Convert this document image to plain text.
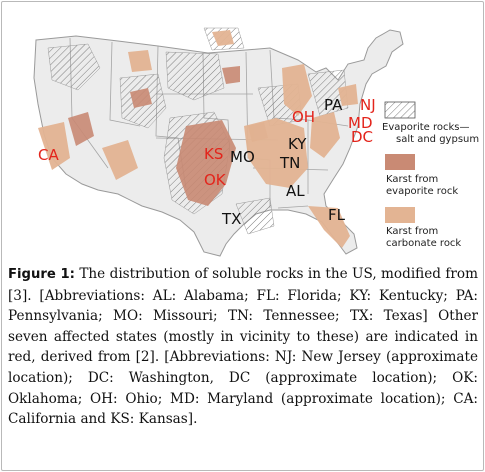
Evaporite rocks—
salt and gypsum
Karst from
evaporite rock
Karst from
carbonate rock
PA
MO
KY
TN
AL
TX	FL
NJ
OH MD
DC
KS
OK
CA
Figure 1: The distribution of soluble rocks in the US, modified from [3]. [Abbreviations: AL: Alabama; FL: Florida; KY: Kentucky; PA: Pennsylvania; MO: Missouri; TN: Tennessee; TX: Texas] Other seven affected states (mostly in vicinity to these) are indicated in red, derived from [2]. [Abbreviations: NJ: New Jersey (approximate location); DC: Washington, DC (approximate location); OK: Oklahoma; OH: Ohio; MD: Maryland (approximate location); CA: California and KS: Kansas].
